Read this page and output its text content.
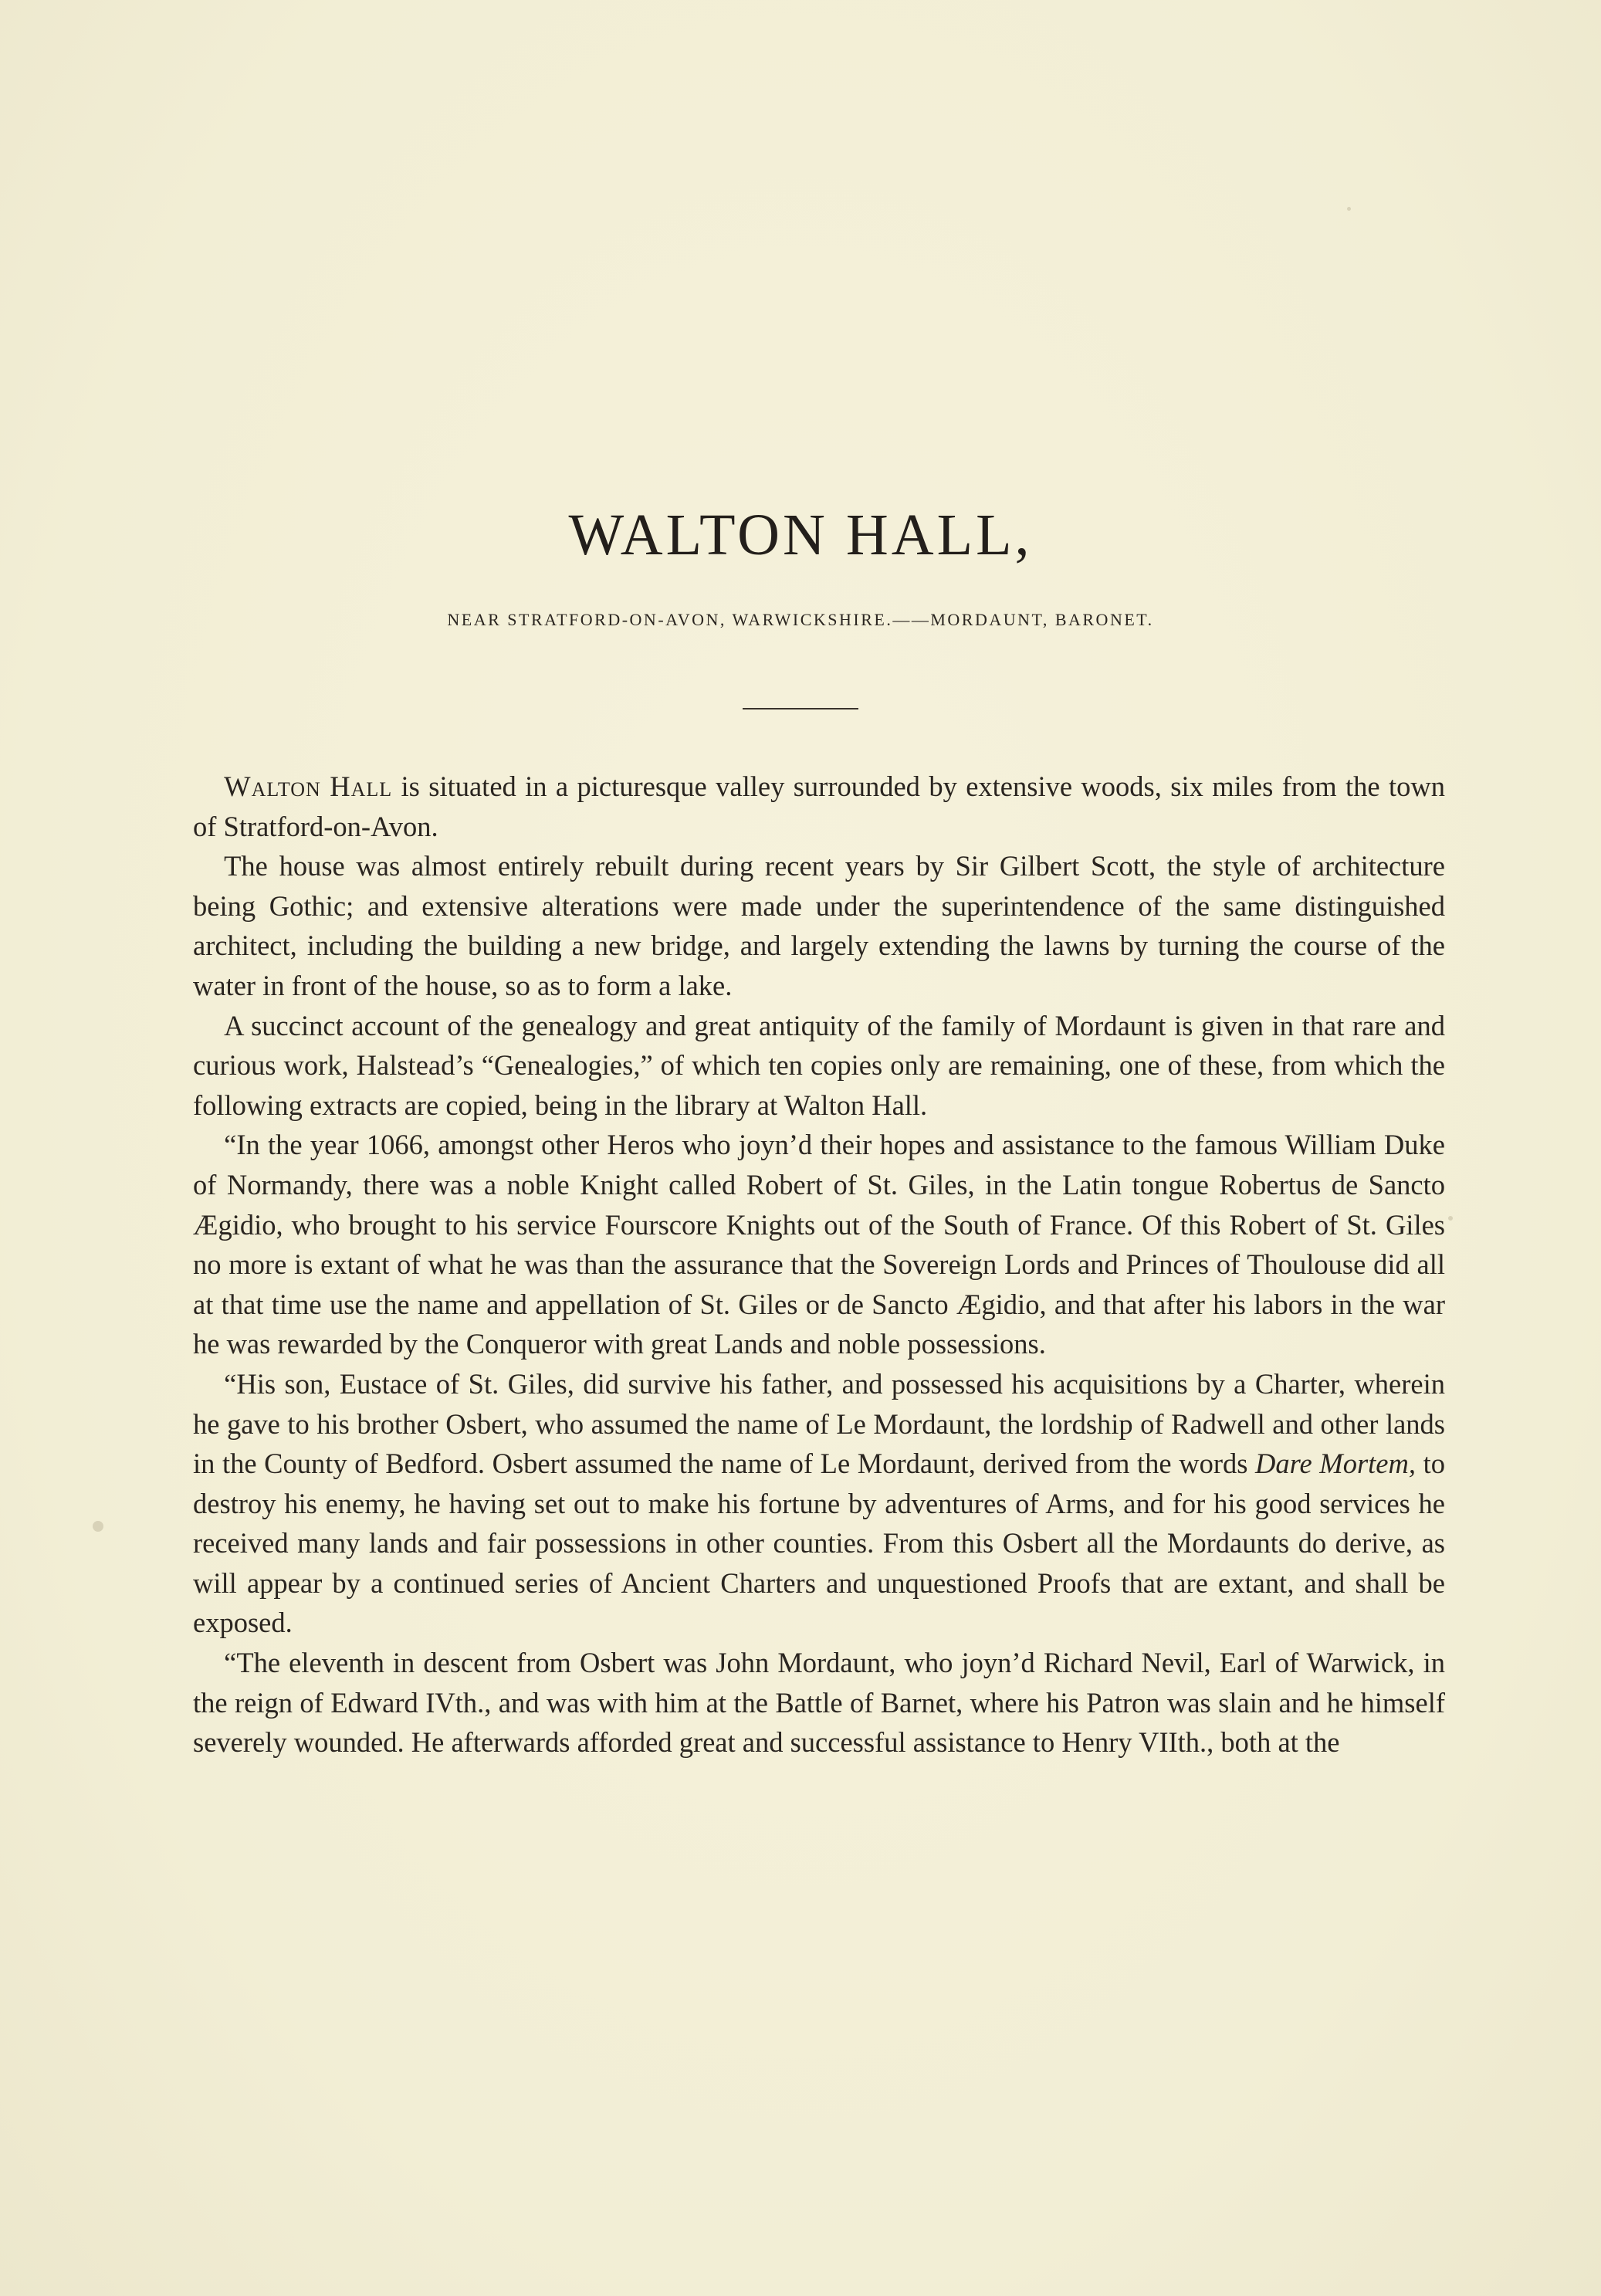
WALTON HALL,

NEAR STRATFORD-ON-AVON, WARWICKSHIRE.——MORDAUNT, BARONET.

Walton Hall is situated in a picturesque valley surrounded by extensive woods, six miles from the town of Stratford-on-Avon.

The house was almost entirely rebuilt during recent years by Sir Gilbert Scott, the style of architecture being Gothic; and extensive alterations were made under the superintendence of the same distinguished architect, including the building a new bridge, and largely extending the lawns by turning the course of the water in front of the house, so as to form a lake.

A succinct account of the genealogy and great antiquity of the family of Mordaunt is given in that rare and curious work, Halstead’s “Genealogies,” of which ten copies only are remaining, one of these, from which the following extracts are copied, being in the library at Walton Hall.

“In the year 1066, amongst other Heros who joyn’d their hopes and assistance to the famous William Duke of Normandy, there was a noble Knight called Robert of St. Giles, in the Latin tongue Robertus de Sancto Ægidio, who brought to his service Fourscore Knights out of the South of France. Of this Robert of St. Giles no more is extant of what he was than the assurance that the Sovereign Lords and Princes of Thoulouse did all at that time use the name and appellation of St. Giles or de Sancto Ægidio, and that after his labors in the war he was rewarded by the Conqueror with great Lands and noble possessions.

“His son, Eustace of St. Giles, did survive his father, and possessed his acquisitions by a Charter, wherein he gave to his brother Osbert, who assumed the name of Le Mordaunt, the lordship of Radwell and other lands in the County of Bedford. Osbert assumed the name of Le Mordaunt, derived from the words Dare Mortem, to destroy his enemy, he having set out to make his fortune by adventures of Arms, and for his good services he received many lands and fair possessions in other counties. From this Osbert all the Mordaunts do derive, as will appear by a continued series of Ancient Charters and unquestioned Proofs that are extant, and shall be exposed.

“The eleventh in descent from Osbert was John Mordaunt, who joyn’d Richard Nevil, Earl of Warwick, in the reign of Edward IVth., and was with him at the Battle of Barnet, where his Patron was slain and he himself severely wounded. He afterwards afforded great and successful assistance to Henry VIIth., both at the
